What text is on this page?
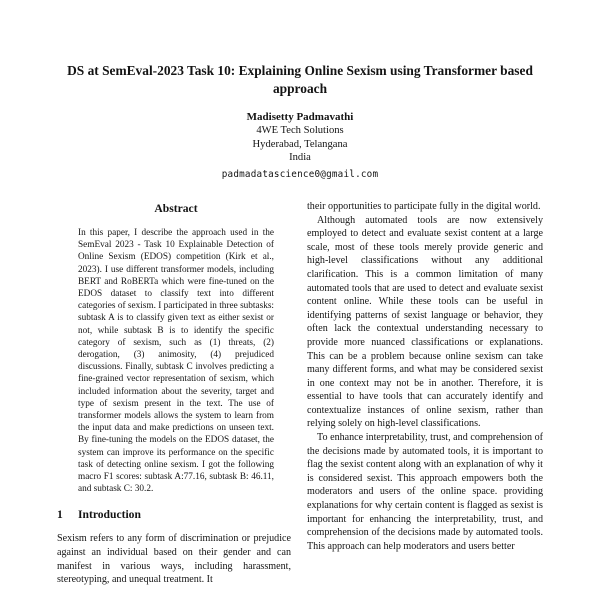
DS at SemEval-2023 Task 10: Explaining Online Sexism using Transformer based approach
Madisetty Padmavathi
4WE Tech Solutions
Hyderabad, Telangana
India
padmadatascience0@gmail.com
Abstract
In this paper, I describe the approach used in the SemEval 2023 - Task 10 Explainable Detection of Online Sexism (EDOS) competition (Kirk et al., 2023). I use different transformer models, including BERT and RoBERTa which were fine-tuned on the EDOS dataset to classify text into different categories of sexism. I participated in three subtasks: subtask A is to classify given text as either sexist or not, while subtask B is to identify the specific category of sexism, such as (1) threats, (2) derogation, (3) animosity, (4) prejudiced discussions. Finally, subtask C involves predicting a fine-grained vector representation of sexism, which included information about the severity, target and type of sexism present in the text. The use of transformer models allows the system to learn from the input data and make predictions on unseen text. By fine-tuning the models on the EDOS dataset, the system can improve its performance on the specific task of detecting online sexism. I got the following macro F1 scores: subtask A:77.16, subtask B: 46.11, and subtask C: 30.2.
1	Introduction

Sexism refers to any form of discrimination or prejudice against an individual based on their gender and can manifest in various ways, including harassment, stereotyping, and unequal treatment. It

their opportunities to participate fully in the digital world.

Although automated tools are now extensively employed to detect and evaluate sexist content at a large scale, most of these tools merely provide generic and high-level classifications without any additional clarification. This is a common limitation of many automated tools that are used to detect and evaluate sexist content online. While these tools can be useful in identifying patterns of sexist language or behavior, they often lack the contextual understanding necessary to provide more nuanced classifications or explanations. This can be a problem because online sexism can take many different forms, and what may be considered sexist in one context may not be in another. Therefore, it is essential to have tools that can accurately identify and contextualize instances of online sexism, rather than relying solely on high-level classifications.

To enhance interpretability, trust, and comprehension of the decisions made by automated tools, it is important to flag the sexist content along with an explanation of why it is considered sexist. This approach empowers both the moderators and users of the online space. providing explanations for why certain content is flagged as sexist is important for enhancing the interpretability, trust, and comprehension of the decisions made by automated tools. This approach can help moderators and users better
